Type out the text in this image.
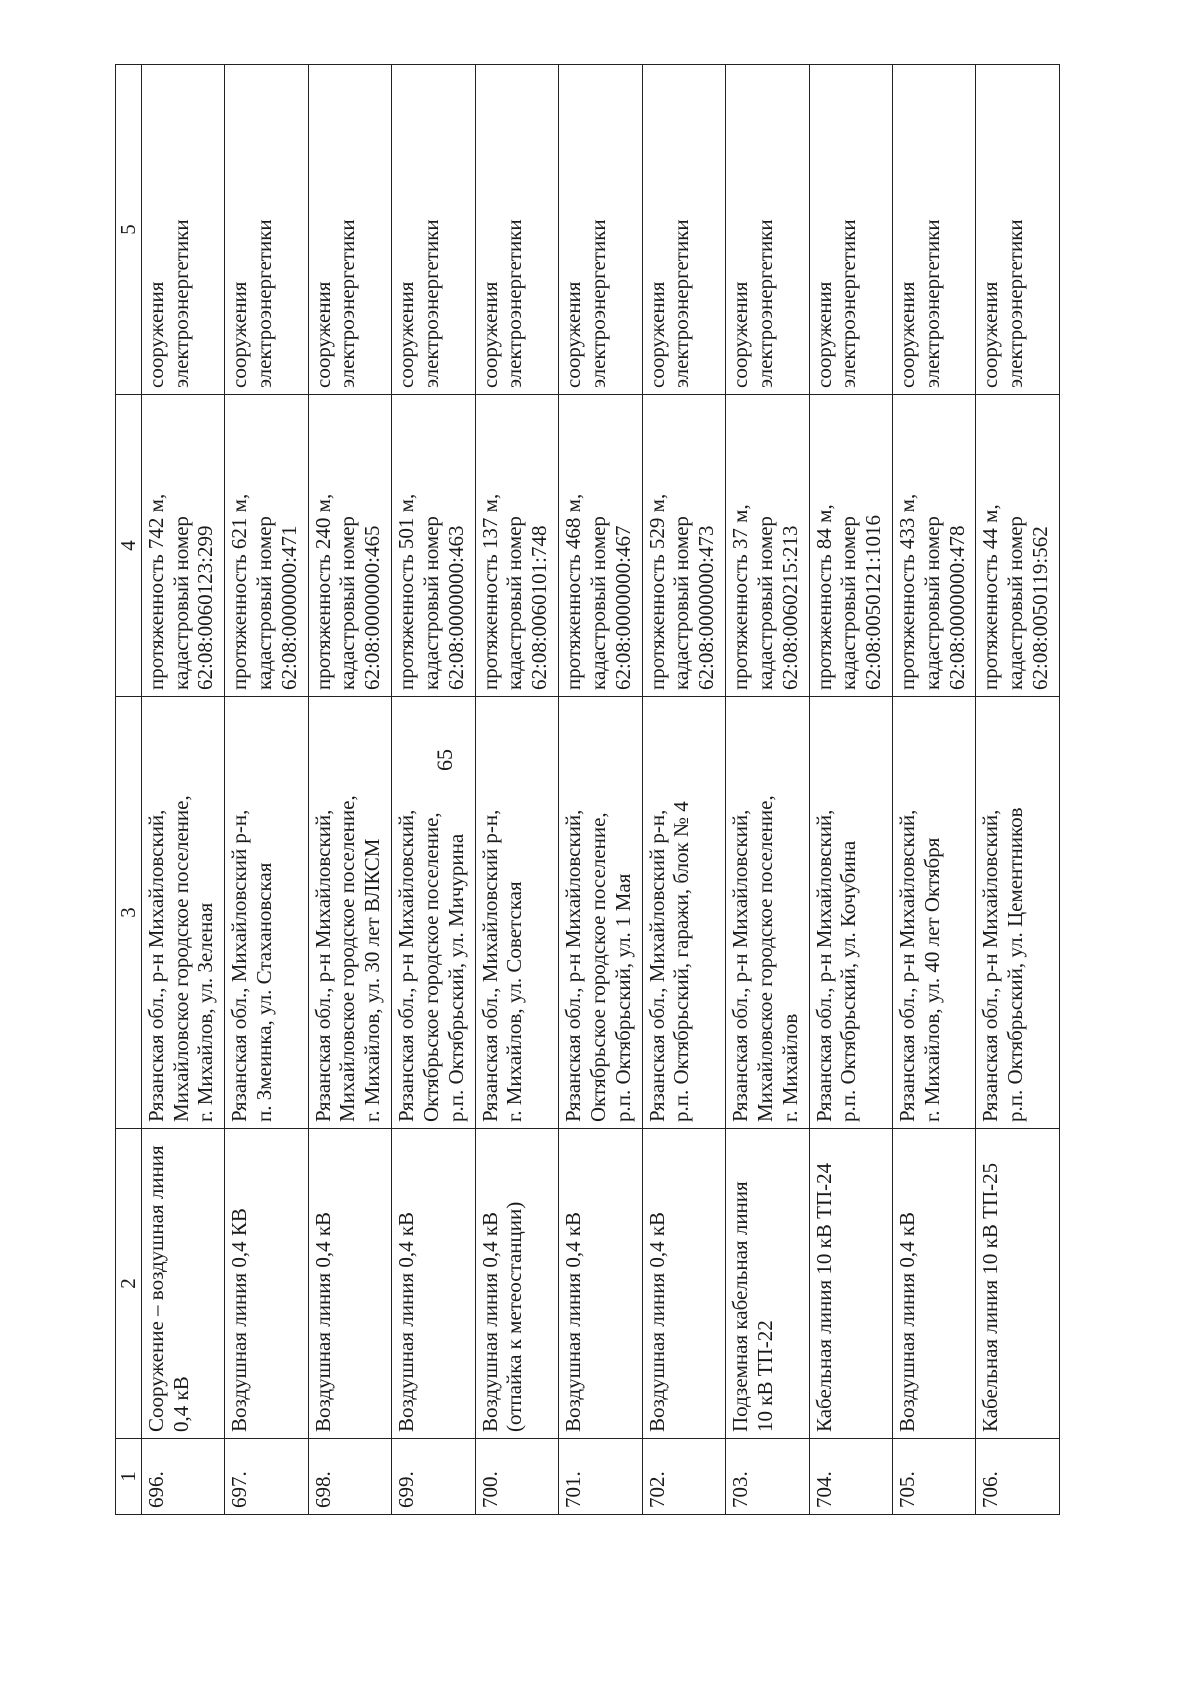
65
1	2	3	4	5
696.	Сооружение – воздушная линия 0,4 кВ	Рязанская обл., р-н Михайловский, Михайловское городское поселение, г. Михайлов, ул. Зеленая	протяженность 742 м, кадастровый номер 62:08:0060123:299	сооружения электроэнергетики

697.	Воздушная линия 0,4 КВ	Рязанская обл., Михайловский р-н, п. Змеинка, ул. Стахановская	протяженность 621 м, кадастровый номер 62:08:0000000:471	сооружения электроэнергетики

698.	Воздушная линия 0,4 кВ	Рязанская обл., р-н Михайловский, Михайловское городское поселение, г. Михайлов, ул. 30 лет ВЛКСМ	протяженность 240 м, кадастровый номер 62:08:0000000:465	сооружения электроэнергетики

699.	Воздушная линия 0,4 кВ	Рязанская обл., р-н Михайловский, Октябрьское городское поселение, р.п. Октябрьский, ул. Мичурина	протяженность 501 м, кадастровый номер 62:08:0000000:463	сооружения электроэнергетики

700.	Воздушная линия 0,4 кВ (отпайка к метеостанции)	Рязанская обл., Михайловский р-н, г. Михайлов, ул. Советская	протяженность 137 м, кадастровый номер 62:08:0060101:748	сооружения электроэнергетики

701.	Воздушная линия 0,4 кВ	Рязанская обл., р-н Михайловский, Октябрьское городское поселение, р.п. Октябрьский, ул. 1 Мая	протяженность 468 м, кадастровый номер 62:08:0000000:467	сооружения электроэнергетики

702.	Воздушная линия 0,4 кВ	Рязанская обл., Михайловский р-н, р.п. Октябрьский, гаражи, блок № 4	протяженность 529 м, кадастровый номер 62:08:0000000:473	сооружения электроэнергетики

703.	Подземная кабельная линия 10 кВ ТП-22	Рязанская обл., р-н Михайловский, Михайловское городское поселение, г. Михайлов	протяженность 37 м, кадастровый номер 62:08:0060215:213	сооружения электроэнергетики

704.	Кабельная линия 10 кВ ТП-24	Рязанская обл., р-н Михайловский, р.п. Октябрьский, ул. Кочубина	протяженность 84 м, кадастровый номер 62:08:0050121:1016	сооружения электроэнергетики

705.	Воздушная линия 0,4 кВ	Рязанская обл., р-н Михайловский, г. Михайлов, ул. 40 лет Октября	протяженность 433 м, кадастровый номер 62:08:0000000:478	сооружения электроэнергетики

706.	Кабельная линия 10 кВ ТП-25	Рязанская обл., р-н Михайловский, р.п. Октябрьский, ул. Цементников	протяженность 44 м, кадастровый номер 62:08:0050119:562	сооружения электроэнергетики
